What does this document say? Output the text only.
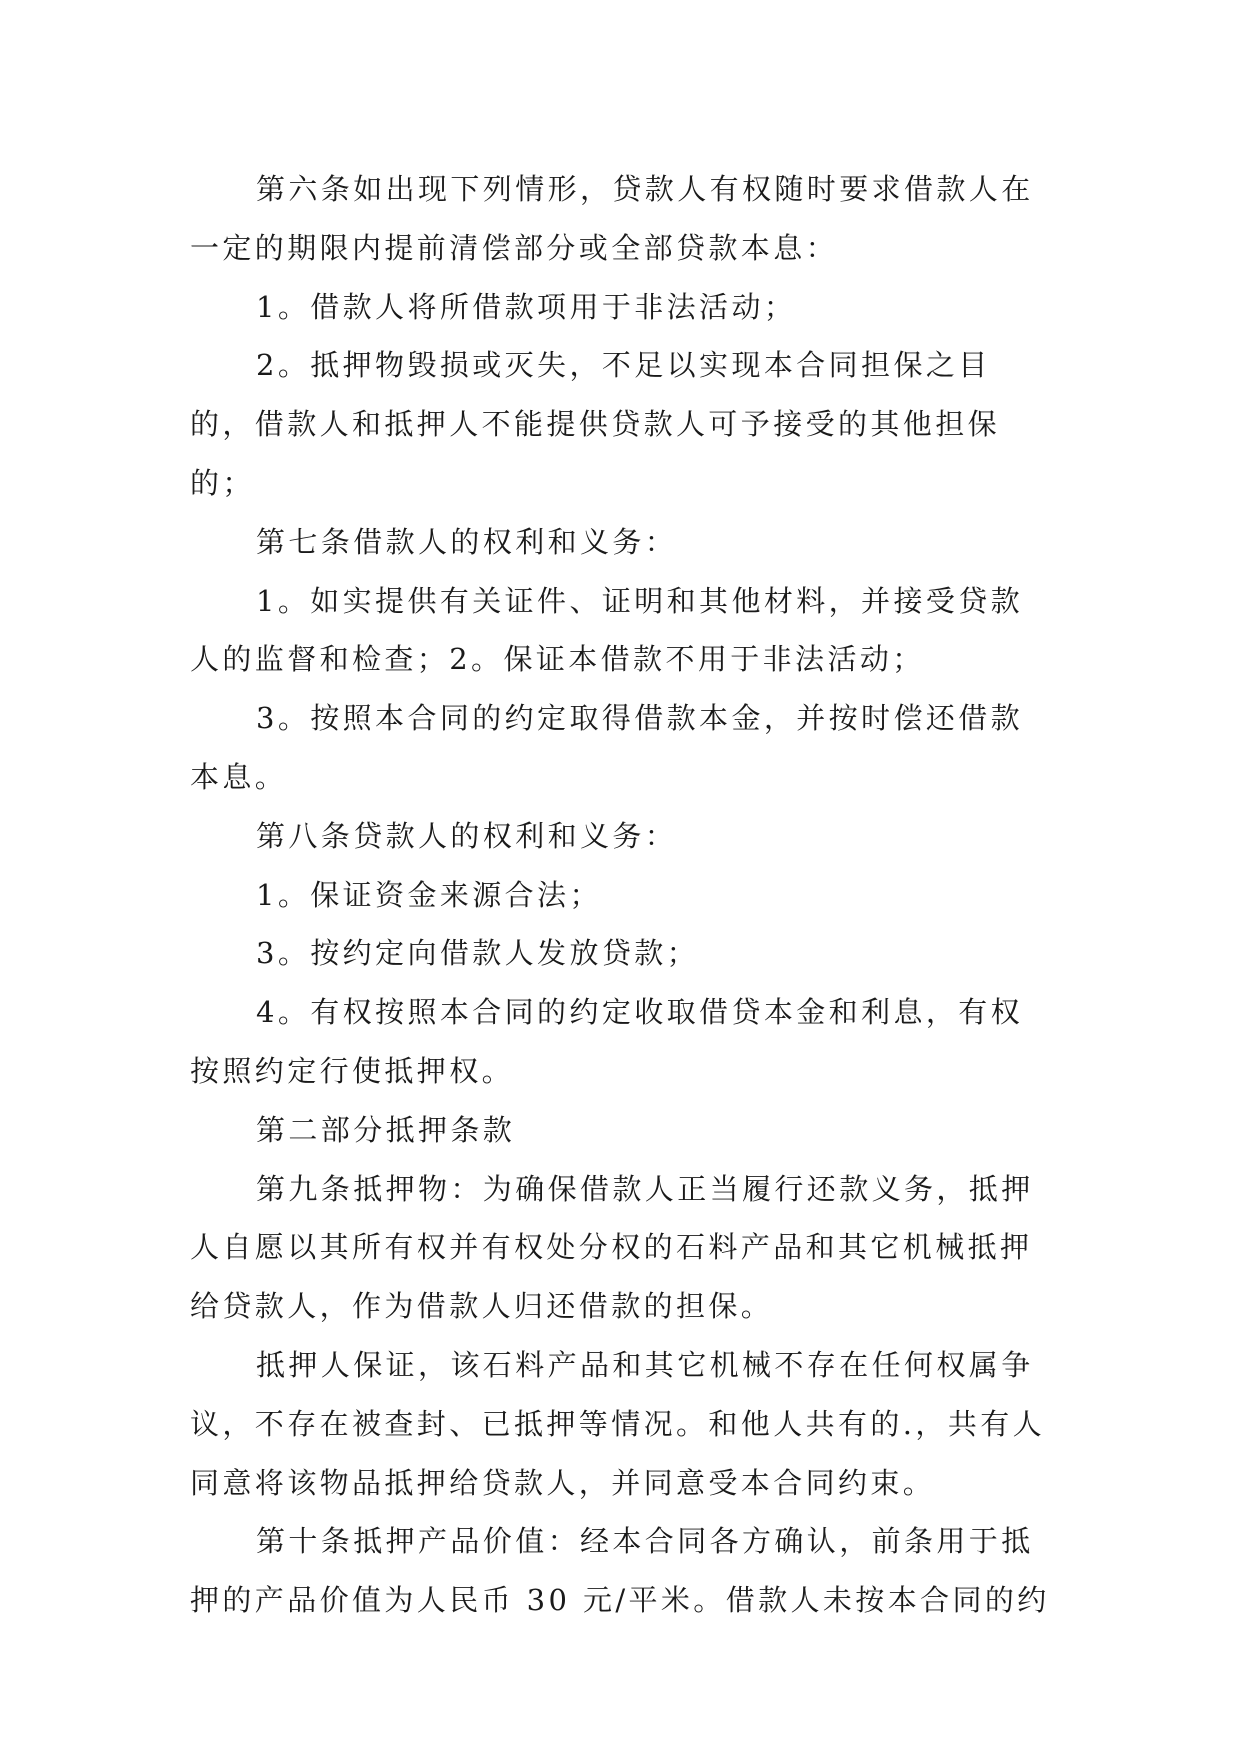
第六条如出现下列情形，贷款人有权随时要求借款人在一定的期限内提前清偿部分或全部贷款本息：

1。借款人将所借款项用于非法活动；

2。抵押物毁损或灭失，不足以实现本合同担保之目的，借款人和抵押人不能提供贷款人可予接受的其他担保的；

第七条借款人的权利和义务：

1。如实提供有关证件、证明和其他材料，并接受贷款人的监督和检查；2。保证本借款不用于非法活动；

3。按照本合同的约定取得借款本金，并按时偿还借款本息。

第八条贷款人的权利和义务：

1。保证资金来源合法；

3。按约定向借款人发放贷款；

4。有权按照本合同的约定收取借贷本金和利息，有权按照约定行使抵押权。

第二部分抵押条款

第九条抵押物：为确保借款人正当履行还款义务，抵押人自愿以其所有权并有权处分权的石料产品和其它机械抵押给贷款人，作为借款人归还借款的担保。

抵押人保证，该石料产品和其它机械不存在任何权属争议，不存在被查封、已抵押等情况。和他人共有的.，共有人同意将该物品抵押给贷款人，并同意受本合同约束。

第十条抵押产品价值：经本合同各方确认，前条用于抵押的产品价值为人民币 30 元/平米。借款人未按本合同的约
